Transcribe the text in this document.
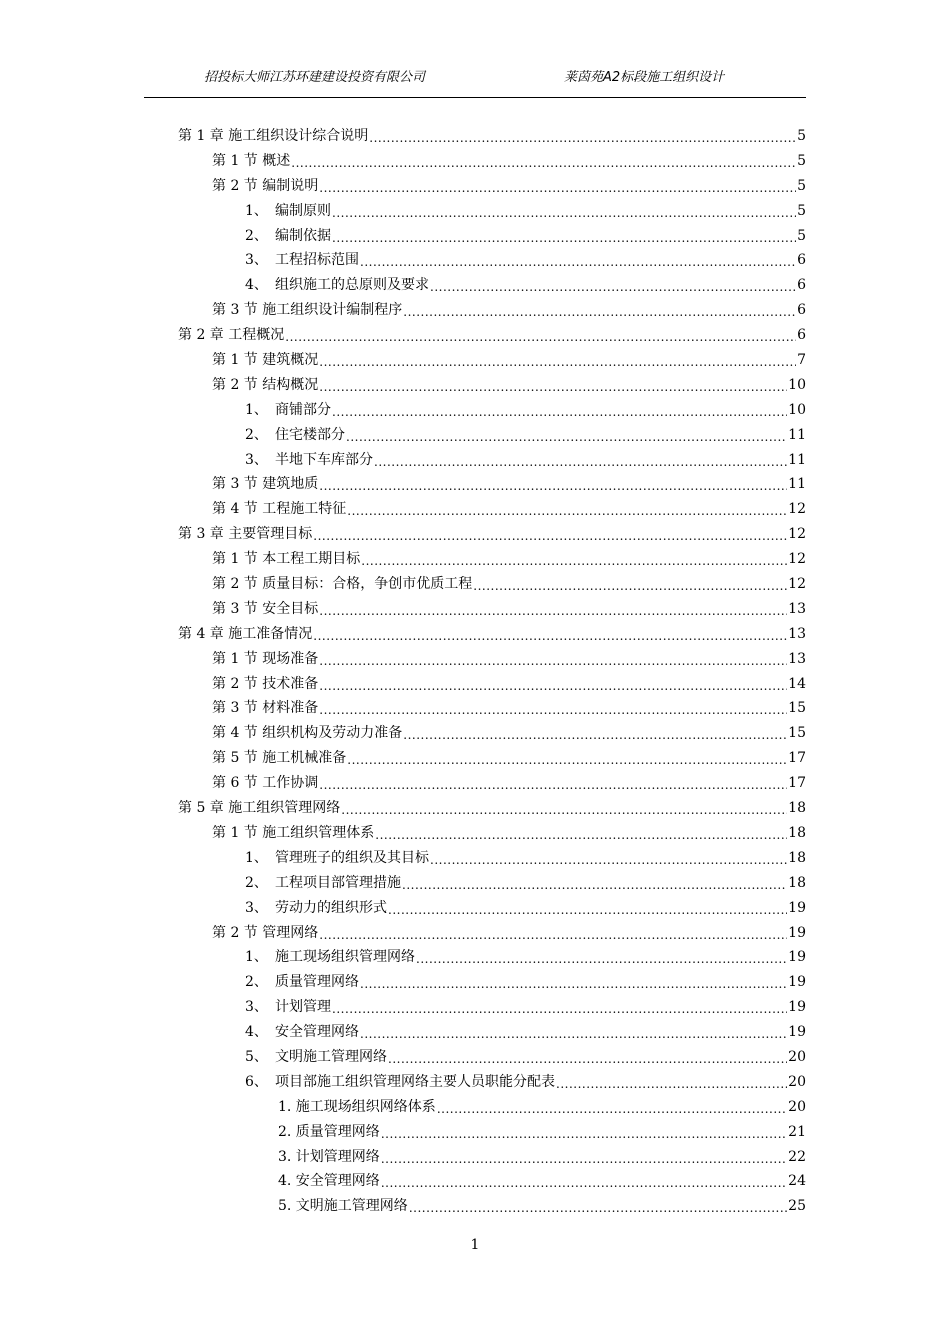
招投标大师江苏环建建设投资有限公司	莱茵苑A2标段施工组织设计
第 1 章 施工组织设计综合说明 .....	5
第 1 节 概述 .....	5
第 2 节 编制说明 .....	5
1、 编制原则 .....	5
2、 编制依据 .....	5
3、 工程招标范围 .....	6
4、 组织施工的总原则及要求 .....	6
第 3 节 施工组织设计编制程序 .....	6
第 2 章 工程概况 .....	6
第 1 节 建筑概况 .....	7
第 2 节 结构概况 .....	10
1、 商铺部分 .....	10
2、 住宅楼部分 .....	11
3、 半地下车库部分 .....	11
第 3 节 建筑地质 .....	11
第 4 节 工程施工特征 .....	12
第 3 章 主要管理目标 .....	12
第 1 节 本工程工期目标 .....	12
第 2 节 质量目标：合格，争创市优质工程 .....	12
第 3 节 安全目标 .....	13
第 4 章 施工准备情况 .....	13
第 1 节 现场准备 .....	13
第 2 节 技术准备 .....	14
第 3 节 材料准备 .....	15
第 4 节 组织机构及劳动力准备 .....	15
第 5 节 施工机械准备 .....	17
第 6 节 工作协调 .....	17
第 5 章 施工组织管理网络 .....	18
第 1 节 施工组织管理体系 .....	18
1、 管理班子的组织及其目标 .....	18
2、 工程项目部管理措施 .....	18
3、 劳动力的组织形式 .....	19
第 2 节 管理网络 .....	19
1、 施工现场组织管理网络 .....	19
2、 质量管理网络 .....	19
3、 计划管理 .....	19
4、 安全管理网络 .....	19
5、 文明施工管理网络 .....	20
6、 项目部施工组织管理网络主要人员职能分配表 .....	20
1. 施工现场组织网络体系 .....	20
2. 质量管理网络 .....	21
3. 计划管理网络 .....	22
4. 安全管理网络 .....	24
5. 文明施工管理网络 .....	25
1
